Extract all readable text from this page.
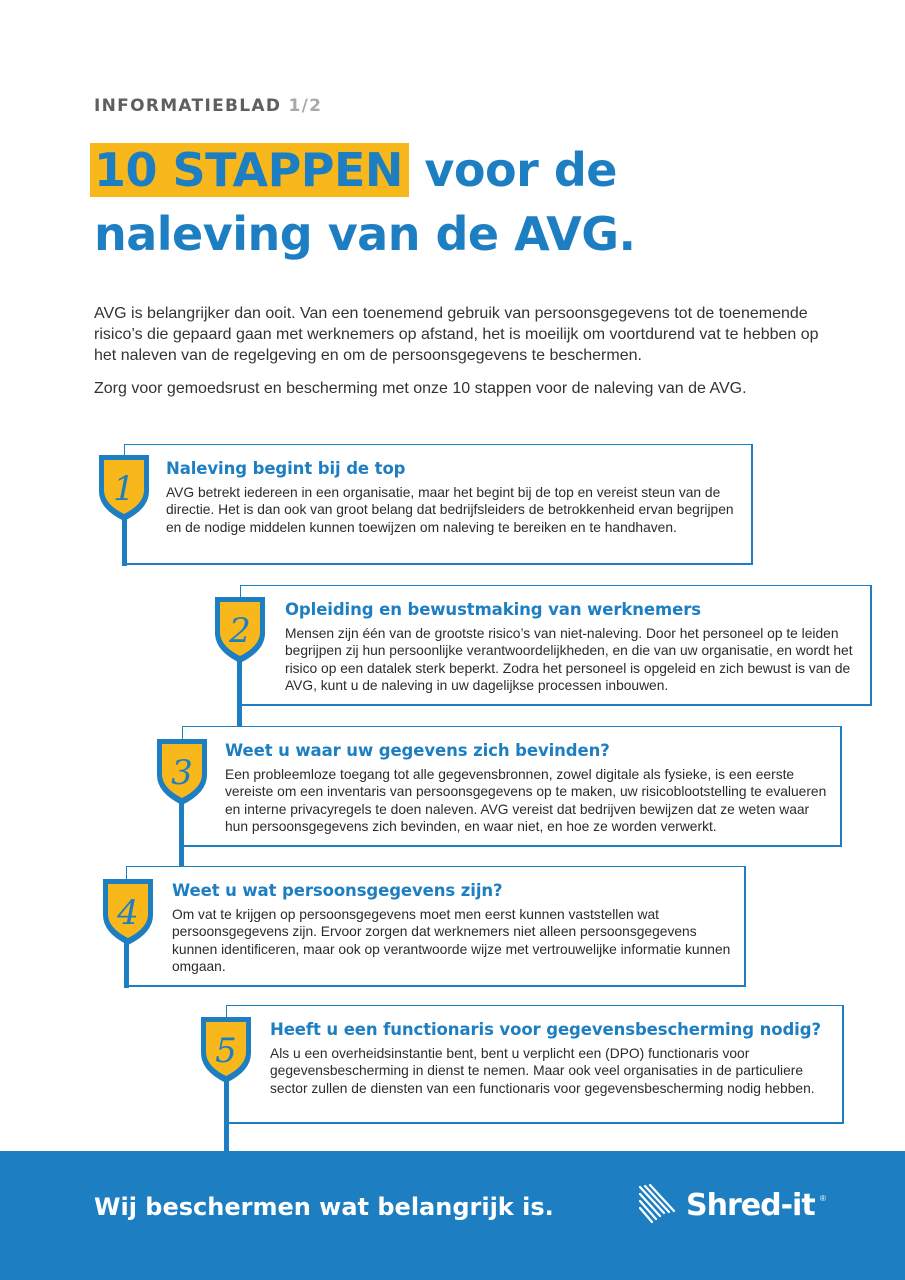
INFORMATIEBLAD 1/2
10 STAPPEN voor de
naleving van de AVG.

AVG is belangrijker dan ooit. Van een toenemend gebruik van persoonsgegevens tot de toenemende risico’s die gepaard gaan met werknemers op afstand, het is moeilijk om voortdurend vat te hebben op het naleven van de regelgeving en om de persoonsgegevens te beschermen.

Zorg voor gemoedsrust en bescherming met onze 10 stappen voor de naleving van de AVG.

1
Naleving begint bij de top
AVG betrekt iedereen in een organisatie, maar het begint bij de top en vereist steun van de directie. Het is dan ook van groot belang dat bedrijfsleiders de betrokkenheid ervan begrijpen en de nodige middelen kunnen toewijzen om naleving te bereiken en te handhaven.
2
Opleiding en bewustmaking van werknemers
Mensen zijn één van de grootste risico’s van niet-naleving. Door het personeel op te leiden begrijpen zij hun persoonlijke verantwoordelijkheden, en die van uw organisatie, en wordt het risico op een datalek sterk beperkt. Zodra het personeel is opgeleid en zich bewust is van de AVG, kunt u de naleving in uw dagelijkse processen inbouwen.
3
Weet u waar uw gegevens zich bevinden?
Een probleemloze toegang tot alle gegevensbronnen, zowel digitale als fysieke, is een eerste vereiste om een inventaris van persoonsgegevens op te maken, uw risicoblootstelling te evalueren en interne privacyregels te doen naleven. AVG vereist dat bedrijven bewijzen dat ze weten waar hun persoonsgegevens zich bevinden, en waar niet, en hoe ze worden verwerkt.
4
Weet u wat persoonsgegevens zijn?
Om vat te krijgen op persoonsgegevens moet men eerst kunnen vaststellen wat persoonsgegevens zijn. Ervoor zorgen dat werknemers niet alleen persoonsgegevens kunnen identificeren, maar ook op verantwoorde wijze met vertrouwelijke informatie kunnen omgaan.
5
Heeft u een functionaris voor gegevensbescherming nodig?
Als u een overheidsinstantie bent, bent u verplicht een (DPO) functionaris voor gegevensbescherming in dienst te nemen. Maar ook veel organisaties in de particuliere sector zullen de diensten van een functionaris voor gegevensbescherming nodig hebben.
Wij beschermen wat belangrijk is.	Shred-it ®
